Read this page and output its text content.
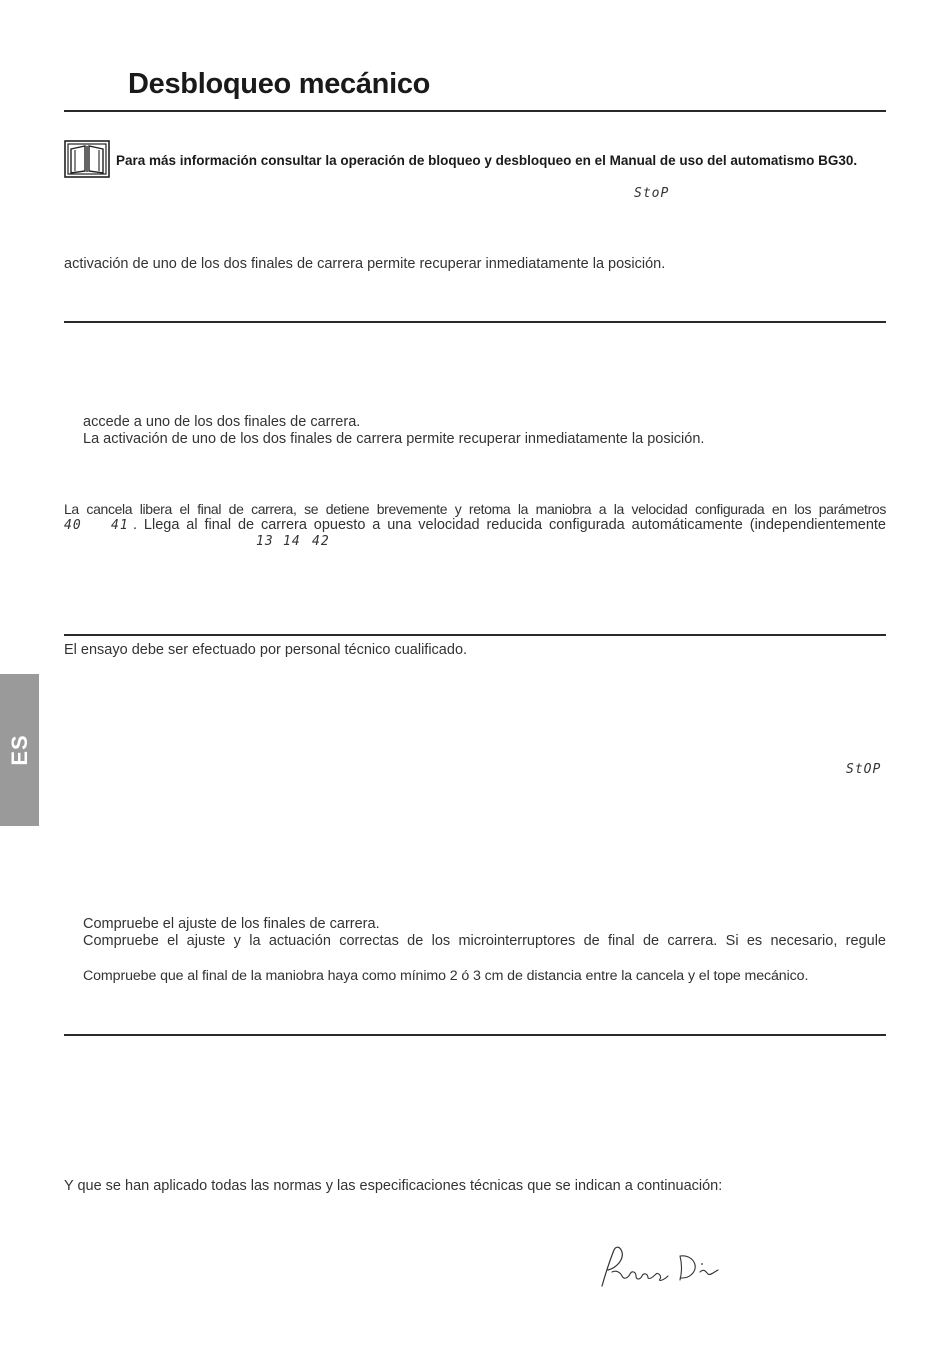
Desbloqueo mecánico
Para más información consultar la operación de bloqueo y desbloqueo en el Manual de uso del automatismo BG30.
StoP
activación de uno de los dos finales de carrera permite recuperar inmediatamente la posición.
accede a uno de los dos finales de carrera.
La activación de uno de los dos finales de carrera permite recuperar inmediatamente la posición.
La cancela libera el final de carrera, se detiene brevemente y retoma la maniobra a la velocidad configurada en los parámetros
40 41 . Llega al final de carrera opuesto a una velocidad reducida configurada automáticamente (independientemente
13 14 42
El ensayo debe ser efectuado por personal técnico cualificado.
ES
StOP
Compruebe el ajuste de los finales de carrera.
Compruebe el ajuste y la actuación correctas de los microinterruptores de final de carrera. Si es necesario, regule
Compruebe que al final de la maniobra haya como mínimo 2 ó 3 cm de distancia entre la cancela y el tope mecánico.
Y que se han aplicado todas las normas y las especificaciones técnicas que se indican a continuación:
